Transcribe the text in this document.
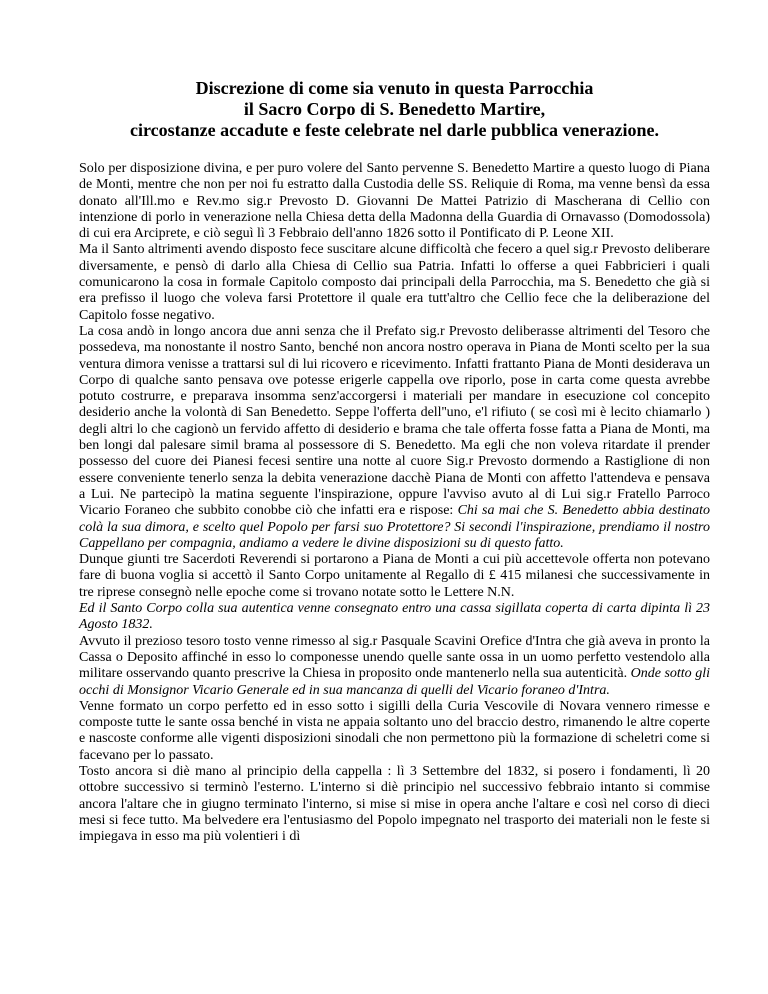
Discrezione di come sia venuto in questa Parrocchia
il Sacro Corpo di S. Benedetto Martire,
circostanze accadute e feste celebrate nel darle pubblica venerazione.

Solo per disposizione divina, e per puro volere del Santo pervenne S. Benedetto Martire a questo luogo di Piana de Monti, mentre che non per noi fu estratto dalla Custodia delle SS. Reliquie di Roma, ma venne bensì da essa donato all'Ill.mo e Rev.mo sig.r Prevosto D. Giovanni De Mattei Patrizio di Mascherana di Cellio con intenzione di porlo in venerazione nella Chiesa detta della Madonna della Guardia di Ornavasso (Domodossola) di cui era Arciprete, e ciò seguì lì 3 Febbraio dell'anno 1826 sotto il Pontificato di P. Leone XII.

Ma il Santo altrimenti avendo disposto fece suscitare alcune difficoltà che fecero a quel sig.r Prevosto deliberare diversamente, e pensò di darlo alla Chiesa di Cellio sua Patria. Infatti lo offerse a quei Fabbricieri i quali comunicarono la cosa in formale Capitolo composto dai principali della Parrocchia, ma S. Benedetto che già si era prefisso il luogo che voleva farsi Protettore il quale era tutt'altro che Cellio fece che la deliberazione del Capitolo fosse negativo.

La cosa andò in longo ancora due anni senza che il Prefato sig.r Prevosto deliberasse altrimenti del Tesoro che possedeva, ma nonostante il nostro Santo, benché non ancora nostro operava in Piana de Monti scelto per la sua ventura dimora venisse a trattarsi sul di lui ricovero e ricevimento. Infatti frattanto Piana de Monti desiderava un Corpo di qualche santo pensava ove potesse erigerle cappella ove riporlo, pose in carta come questa avrebbe potuto costrurre, e preparava insomma senz'accorgersi i materiali per mandare in esecuzione col concepito desiderio anche la volontà di San Benedetto. Seppe l'offerta dell''uno, e'l rifiuto ( se così mi è lecito chiamarlo ) degli altri lo che cagionò un fervido affetto di desiderio e brama che tale offerta fosse fatta a Piana de Monti, ma ben longi dal palesare simil brama al possessore di S. Benedetto. Ma egli che non voleva ritardate il prender possesso del cuore dei Pianesi fecesi sentire una notte al cuore Sig.r Prevosto dormendo a Rastiglione di non essere conveniente tenerlo senza la debita venerazione dacchè Piana de Monti con affetto l'attendeva e pensava a Lui. Ne partecipò la matina seguente l'inspirazione, oppure l'avviso avuto al di Lui sig.r Fratello Parroco Vicario Foraneo che subbito conobbe ciò che infatti era e rispose: Chi sa mai che S. Benedetto abbia destinato colà la sua dimora, e scelto quel Popolo per farsi suo Protettore? Si secondi l'inspirazione, prendiamo il nostro Cappellano per compagnia, andiamo a vedere le divine disposizioni su di questo fatto.

Dunque giunti tre Sacerdoti Reverendi si portarono a Piana de Monti a cui più accettevole offerta non potevano fare di buona voglia si accettò il Santo Corpo unitamente al Regallo di £ 415 milanesi che successivamente in tre riprese consegnò nelle epoche come si trovano notate sotto le Lettere N.N.

Ed il Santo Corpo colla sua autentica venne consegnato entro una cassa sigillata coperta di carta dipinta lì 23 Agosto 1832.

Avvuto il prezioso tesoro tosto venne rimesso al sig.r Pasquale Scavini Orefice d'Intra che già aveva in pronto la Cassa o Deposito affinché in esso lo componesse unendo quelle sante ossa in un uomo perfetto vestendolo alla militare osservando quanto prescrive la Chiesa in proposito onde mantenerlo nella sua autenticità. Onde sotto gli occhi di Monsignor Vicario Generale ed in sua mancanza di quelli del Vicario foraneo d'Intra.

Venne formato un corpo perfetto ed in esso sotto i sigilli della Curia Vescovile di Novara vennero rimesse e composte tutte le sante ossa benché in vista ne appaia soltanto uno del braccio destro, rimanendo le altre coperte e nascoste conforme alle vigenti disposizioni sinodali che non permettono più la formazione di scheletri come si facevano per lo passato.

Tosto ancora si diè mano al principio della cappella : lì 3 Settembre del 1832, si posero i fondamenti, lì 20 ottobre successivo si terminò l'esterno. L'interno si diè principio nel successivo febbraio intanto si commise ancora l'altare che in giugno terminato l'interno, si mise si mise in opera anche l'altare e così nel corso di dieci mesi si fece tutto. Ma belvedere era l'entusiasmo del Popolo impegnato nel trasporto dei materiali non le feste si impiegava in esso ma più volentieri i dì
